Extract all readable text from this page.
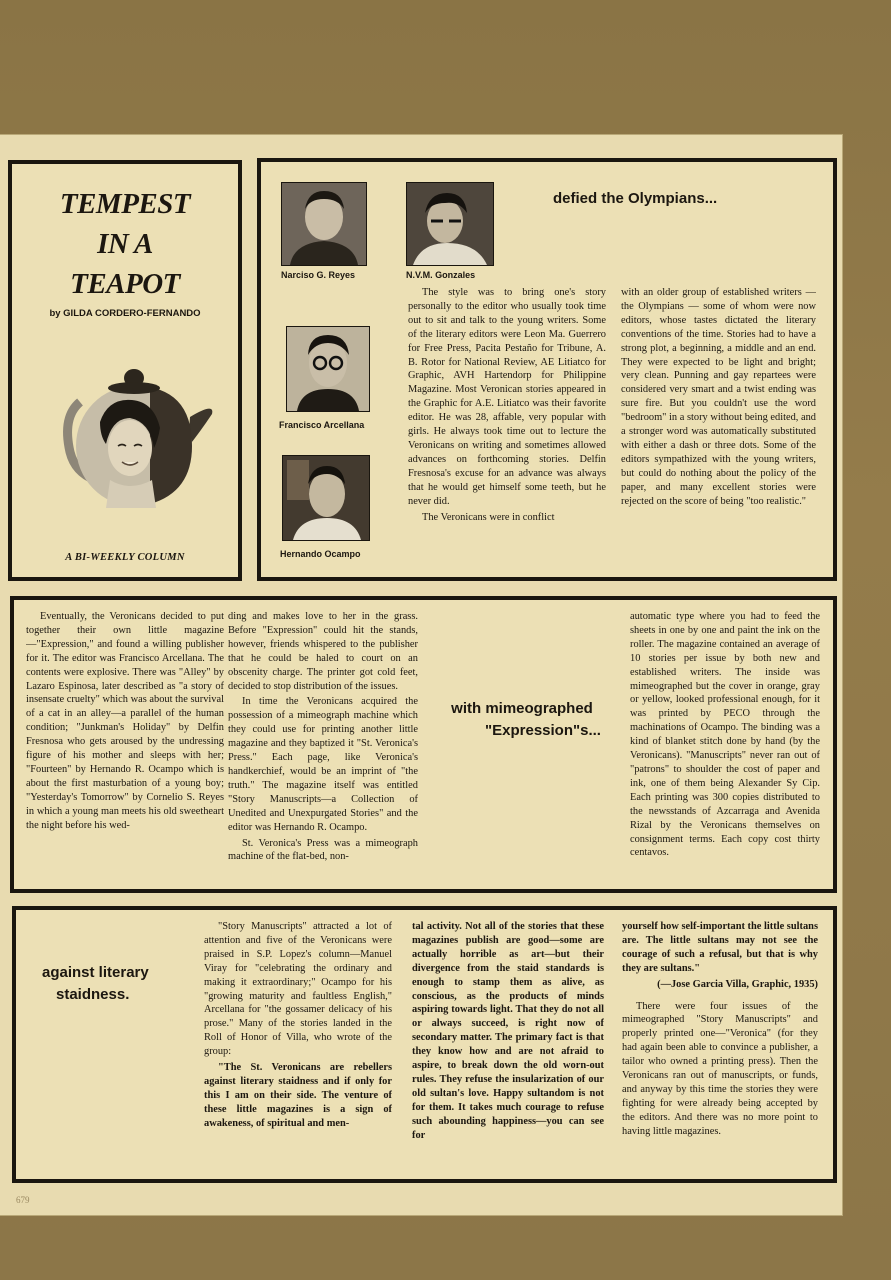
TEMPEST
IN A
TEAPOT
by GILDA CORDERO-FERNANDO
A BI-WEEKLY COLUMN
Narciso G. Reyes	N.V.M. Gonzales
Francisco Arcellana
Hernando Ocampo
defied the Olympians...

The style was to bring one's story personally to the editor who usually took time out to sit and talk to the young writers. Some of the literary editors were Leon Ma. Guerrero for Free Press, Pacita Pestaño for Tribune, A. B. Rotor for National Review, AE Litiatco for Graphic, AVH Hartendorp for Philippine Magazine. Most Veronican stories appeared in the Graphic for A.E. Litiatco was their favorite editor. He was 28, affable, very popular with girls. He always took time out to lecture the Veronicans on writing and sometimes allowed advances on forthcoming stories. Delfin Fresnosa's excuse for an advance was always that he would get himself some teeth, but he never did.

The Veronicans were in conflict

with an older group of established writers — the Olympians — some of whom were now editors, whose tastes dictated the literary conventions of the time. Stories had to have a strong plot, a beginning, a middle and an end. They were expected to be light and bright; very clean. Punning and gay repartees were considered very smart and a twist ending was sure fire. But you couldn't use the word "bedroom" in a story without being edited, and a stronger word was automatically substituted with either a dash or three dots. Some of the editors sympathized with the young writers, but could do nothing about the policy of the paper, and many excellent stories were rejected on the score of being "too realistic."

Eventually, the Veronicans decided to put together their own little magazine—"Expression," and found a willing publisher for it. The editor was Francisco Arcellana. The contents were explosive. There was "Alley" by Lazaro Espinosa, later described as "a story of insensate cruelty" which was about the survival of a cat in an alley—a parallel of the human condition; "Junkman's Holiday" by Delfin Fresnosa who gets aroused by the undressing figure of his mother and sleeps with her; "Fourteen" by Hernando R. Ocampo which is about the first masturbation of a young boy; "Yesterday's Tomorrow" by Cornelio S. Reyes in which a young man meets his old sweetheart the night before his wed-

ding and makes love to her in the grass. Before "Expression" could hit the stands, however, friends whispered to the publisher that he could be haled to court on an obscenity charge. The printer got cold feet, decided to stop distribution of the issues.

In time the Veronicans acquired the possession of a mimeograph machine which they could use for printing another little magazine and they baptized it "St. Veronica's Press." Each page, like Veronica's handkerchief, would be an imprint of "the truth." The magazine itself was entitled "Story Manuscripts—a Collection of Unedited and Unexpurgated Stories" and the editor was Hernando R. Ocampo.

St. Veronica's Press was a mimeograph machine of the flat-bed, non-

with mimeographed
"Expression"s...

automatic type where you had to feed the sheets in one by one and paint the ink on the roller. The magazine contained an average of 10 stories per issue by both new and established writers. The inside was mimeographed but the cover in orange, gray or yellow, looked professional enough, for it was printed by PECO through the machinations of Ocampo. The binding was a kind of blanket stitch done by hand (by the Veronicans). "Manuscripts" never ran out of "patrons" to shoulder the cost of paper and ink, one of them being Alexander Sy Cip. Each printing was 300 copies distributed to the newsstands of Azcarraga and Avenida Rizal by the Veronicans themselves on consignment terms. Each copy cost thirty centavos.

against literary
staidness.

"Story Manuscripts" attracted a lot of attention and five of the Veronicans were praised in S.P. Lopez's column—Manuel Viray for "celebrating the ordinary and making it extraordinary;" Ocampo for his "growing maturity and faultless English," Arcellana for "the gossamer delicacy of his prose." Many of the stories landed in the Roll of Honor of Villa, who wrote of the group:

"The St. Veronicans are rebellers against literary staidness and if only for this I am on their side. The venture of these little magazines is a sign of awakeness, of spiritual and men-

tal activity. Not all of the stories that these magazines publish are good—some are actually horrible as art—but their divergence from the staid standards is enough to stamp them as alive, as conscious, as the products of minds aspiring towards light. That they do not all or always succeed, is right now of secondary matter. The primary fact is that they know how and are not afraid to aspire, to break down the old worn-out rules. They refuse the insularization of our old sultan's love. Happy sultandom is not for them. It takes much courage to refuse such abounding happiness—you can see for

yourself how self-important the little sultans are. The little sultans may not see the courage of such a refusal, but that is why they are sultans."

(—Jose Garcia Villa, Graphic, 1935)

There were four issues of the mimeographed "Story Manuscripts" and properly printed one—"Veronica" (for they had again been able to convince a publisher, a tailor who owned a printing press). Then the Veronicans ran out of manuscripts, or funds, and anyway by this time the stories they were fighting for were already being accepted by the editors. And there was no more point to having little magazines.

679
